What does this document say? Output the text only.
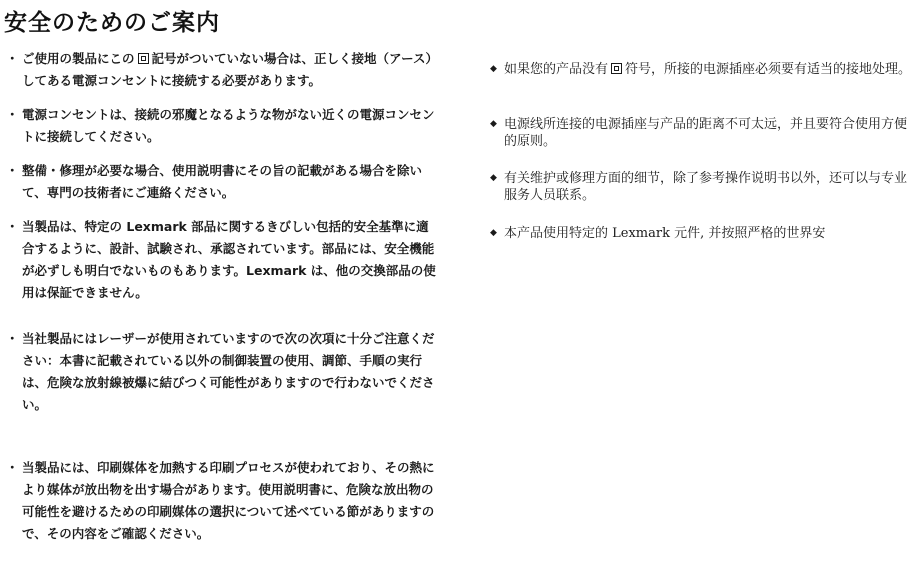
安全のためのご案内
・ ご使用の製品にこの 記号がついていない場合は、正しく接地（アース）してある電源コンセントに接続する必要があります。
・ 電源コンセントは、接続の邪魔となるような物がない近くの電源コンセントに接続してください。
・ 整備・修理が必要な場合、使用説明書にその旨の記載がある場合を除いて、専門の技術者にご連絡ください。
・ 当製品は、特定の Lexmark 部品に関するきびしい包括的安全基準に適合するように、設計、試験され、承認されています。部品には、安全機能が必ずしも明白でないものもあります。Lexmark は、他の交換部品の使用は保証できません。
・ 当社製品にはレーザーが使用されていますので次の次項に十分ご注意ください：本書に記載されている以外の制御装置の使用、調節、手順の実行は、危険な放射線被爆に結びつく可能性がありますので行わないでください。
・ 当製品には、印刷媒体を加熱する印刷プロセスが使われており、その熱により媒体が放出物を出す場合があります。使用説明書に、危険な放出物の可能性を避けるための印刷媒体の選択について述べている節がありますので、その内容をご確認ください。
◆ 如果您的产品没有 符号，所接的电源插座必须要有适当的接地处理。
◆ 电源线所连接的电源插座与产品的距离不可太远，并且要符合使用方便的原则。
◆ 有关维护或修理方面的细节，除了参考操作说明书以外，还可以与专业服务人员联系。
◆ 本产品使用特定的 Lexmark 元件, 并按照严格的世界安
